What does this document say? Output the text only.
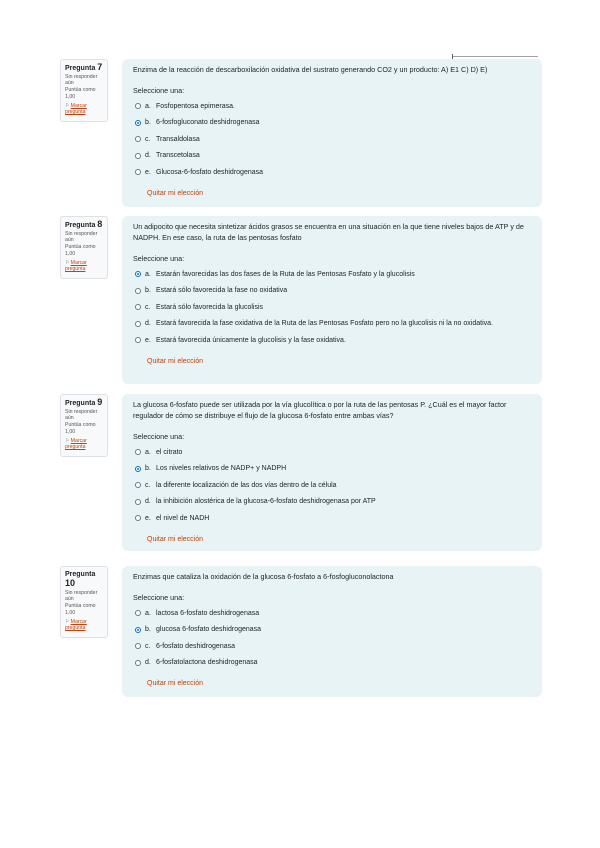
Pregunta 7
Sin responder aún
Puntúa como 1,00
⚐Marcar pregunta
Enzima de la reacción de descarboxilación oxidativa del sustrato generando CO2 y un producto: A) E1 C) D) E)
Seleccione una:
a. Fosfopentosa epimerasa.
b. 6-fosfogluconato deshidrogenasa
c. Transaldolasa
d. Transcetolasa
e. Glucosa-6-fosfato deshidrogenasa
Quitar mi elección
Pregunta 8
Sin responder aún
Puntúa como 1,00
⚐Marcar pregunta
Un adipocito que necesita sintetizar ácidos grasos se encuentra en una situación en la que tiene niveles bajos de ATP y de NADPH. En ese caso, la ruta de las pentosas fosfato
Seleccione una:
a. Estarán favorecidas las dos fases de la Ruta de las Pentosas Fosfato y la glucolisis
b. Estará sólo favorecida la fase no oxidativa
c. Estará sólo favorecida la glucolisis
d. Estará favorecida la fase oxidativa de la Ruta de las Pentosas Fosfato pero no la glucolisis ni la no oxidativa.
e. Estará favorecida únicamente la glucolisis y la fase oxidativa.
Quitar mi elección
Pregunta 9
Sin responder aún
Puntúa como 1,00
⚐Marcar pregunta
La glucosa 6-fosfato puede ser utilizada por la vía glucolítica o por la ruta de las pentosas P. ¿Cuál es el mayor factor regulador de cómo se distribuye el flujo de la glucosa 6-fosfato entre ambas vías?
Seleccione una:
a. el citrato
b. Los niveles relativos de NADP+ y NADPH
c. la diferente localización de las dos vías dentro de la célula
d. la inhibición alostérica de la glucosa-6-fosfato deshidrogenasa por ATP
e. el nivel de NADH
Quitar mi elección
Pregunta 10
Sin responder aún
Puntúa como 1,00
⚐Marcar pregunta
Enzimas que cataliza la oxidación de la glucosa 6-fosfato a 6-fosfogluconolactona
Seleccione una:
a. lactosa 6-fosfato deshidrogenasa
b. glucosa 6-fosfato deshidrogenasa
c. 6-fosfato deshidrogenasa
d. 6-fosfatolactona deshidrogenasa
Quitar mi elección
